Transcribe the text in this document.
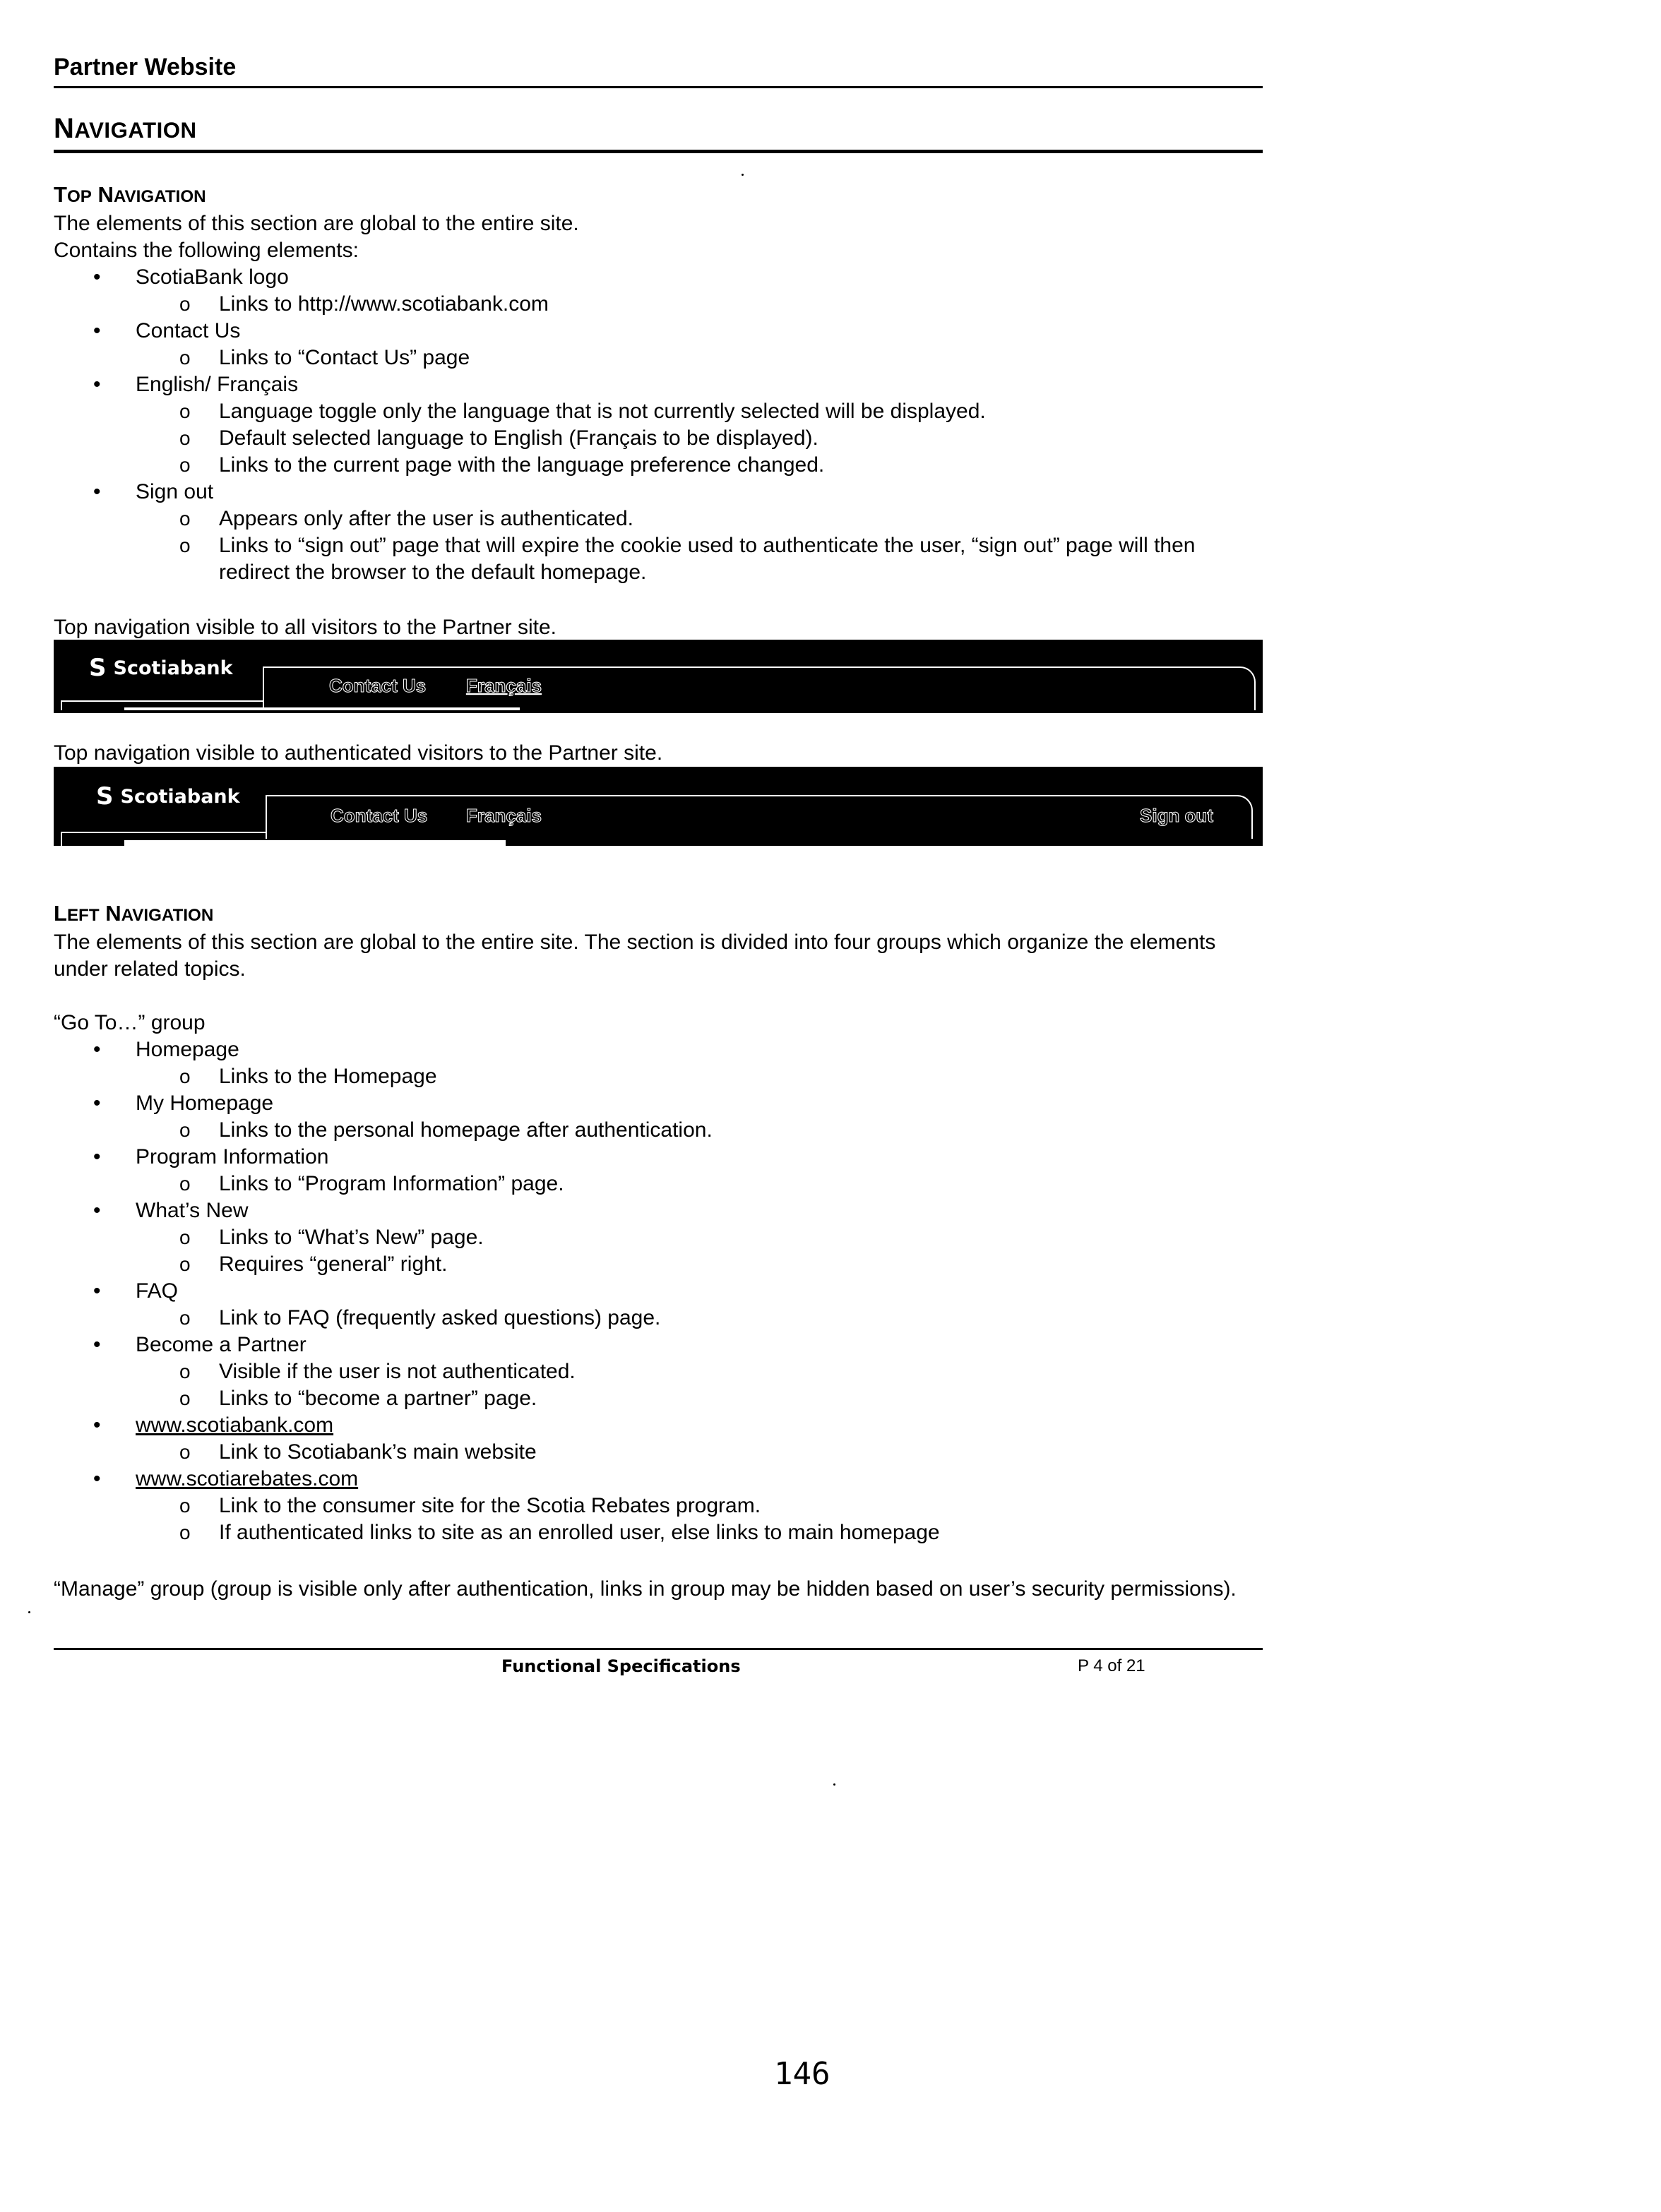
Partner Website
NAVIGATION
TOP NAVIGATION
The elements of this section are global to the entire site.
Contains the following elements:
• ScotiaBank logo
o Links to http://www.scotiabank.com
• Contact Us
o Links to “Contact Us” page
• English/ Français
o Language toggle only the language that is not currently selected will be displayed.
o Default selected language to English (Français to be displayed).
o Links to the current page with the language preference changed.
• Sign out
o Appears only after the user is authenticated.
o Links to “sign out” page that will expire the cookie used to authenticate the user, “sign out” page will then redirect the browser to the default homepage.
Top navigation visible to all visitors to the Partner site.
S Scotiabank
Contact Us Français
Top navigation visible to authenticated visitors to the Partner site.
S Scotiabank
Contact Us Français	Sign out
LEFT NAVIGATION
The elements of this section are global to the entire site. The section is divided into four groups which organize the elements under related topics.
“Go To…” group
• Homepage
o Links to the Homepage
• My Homepage
o Links to the personal homepage after authentication.
• Program Information
o Links to “Program Information” page.
• What’s New
o Links to “What’s New” page.
o Requires “general” right.
• FAQ
o Link to FAQ (frequently asked questions) page.
• Become a Partner
o Visible if the user is not authenticated.
o Links to “become a partner” page.
• www.scotiabank.com
o Link to Scotiabank’s main website
• www.scotiarebates.com
o Link to the consumer site for the Scotia Rebates program.
o If authenticated links to site as an enrolled user, else links to main homepage
“Manage” group (group is visible only after authentication, links in group may be hidden based on user’s security permissions).
Functional Specifications	P 4 of 21
146
